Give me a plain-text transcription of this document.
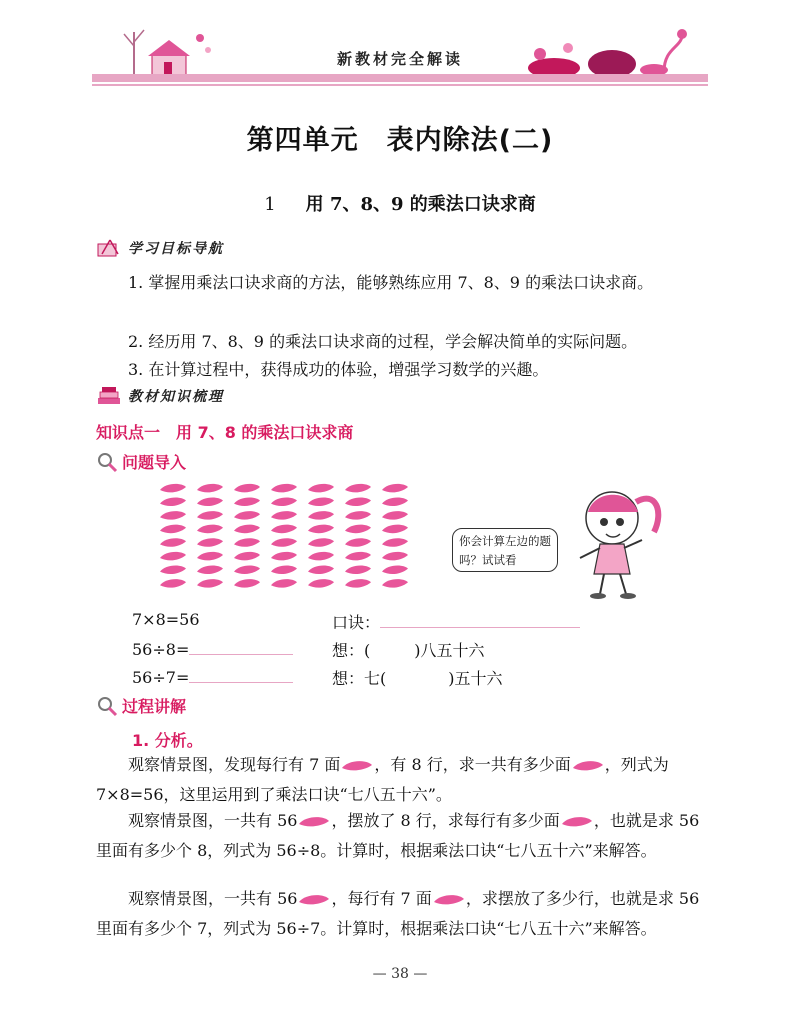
新教材完全解读
第四单元　表内除法(二)
1 用 7、8、9 的乘法口诀求商
学习目标导航
1. 掌握用乘法口诀求商的方法，能够熟练应用 7、8、9 的乘法口诀求商。
2. 经历用 7、8、9 的乘法口诀求商的过程，学会解决简单的实际问题。
3. 在计算过程中，获得成功的体验，增强学习数学的兴趣。
教材知识梳理
知识点一　用 7、8 的乘法口诀求商
问题导入
你会计算左边的题吗？试试看
7×8=56	口诀：
56÷8=	想：(	)八五十六
56÷7=	想：七(	)五十六
过程讲解
1. 分析。
观察情景图，发现每行有 7 面 ，有 8 行，求一共有多少面 ，列式为 7×8=56，这里运用到了乘法口诀“七八五十六”。
观察情景图，一共有 56 ，摆放了 8 行，求每行有多少面 ，也就是求 56 里面有多少个 8，列式为 56÷8。计算时，根据乘法口诀“七八五十六”来解答。
观察情景图，一共有 56 ，每行有 7 面 ，求摆放了多少行，也就是求 56 里面有多少个 7，列式为 56÷7。计算时，根据乘法口诀“七八五十六”来解答。
— 38 —
